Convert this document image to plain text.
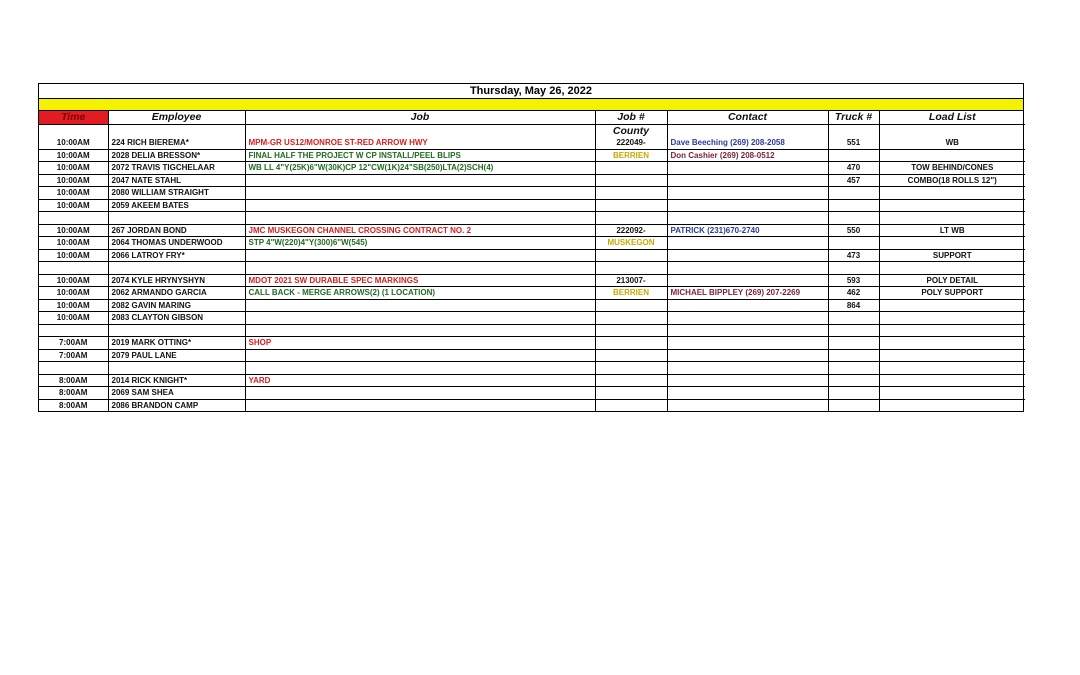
Thursday, May 26, 2022
Time	Employee	Job	Job #	Contact	Truck #	Load List
			County			
10:00AM	224 RICH BIEREMA*	MPM-GR US12/MONROE ST-RED ARROW HWY	222049-	Dave Beeching (269) 208-2058	551	WB
10:00AM	2028 DELIA BRESSON*	FINAL HALF THE PROJECT W CP INSTALL/PEEL BLIPS	BERRIEN	Don Cashier (269) 208-0512		
10:00AM	2072 TRAVIS TIGCHELAAR	WB LL 4"Y(25K)6"W(30K)CP 12"CW(1K)24"SB(250)LTA(2)SCH(4)			470	TOW BEHIND/CONES
10:00AM	2047 NATE STAHL				457	COMBO(18 ROLLS 12")
10:00AM	2080 WILLIAM STRAIGHT					
10:00AM	2059 AKEEM BATES					

10:00AM	267 JORDAN BOND	JMC MUSKEGON CHANNEL CROSSING CONTRACT NO. 2	222092-	PATRICK (231)670-2740	550	LT WB
10:00AM	2064 THOMAS UNDERWOOD	STP 4"W(220)4"Y(300)6"W(545)	MUSKEGON			
10:00AM	2066 LATROY FRY*				473	SUPPORT

10:00AM	2074 KYLE HRYNYSHYN	MDOT 2021 SW DURABLE SPEC MARKINGS	213007-		593	POLY DETAIL
10:00AM	2062 ARMANDO GARCIA	CALL BACK - MERGE ARROWS(2) (1 LOCATION)	BERRIEN	MICHAEL BIPPLEY (269) 207-2269	462	POLY SUPPORT
10:00AM	2082 GAVIN MARING				864	
10:00AM	2083 CLAYTON GIBSON					

7:00AM	2019 MARK OTTING*	SHOP				
7:00AM	2079 PAUL LANE					

8:00AM	2014 RICK KNIGHT*	YARD				
8:00AM	2069 SAM SHEA					
8:00AM	2086 BRANDON CAMP					
